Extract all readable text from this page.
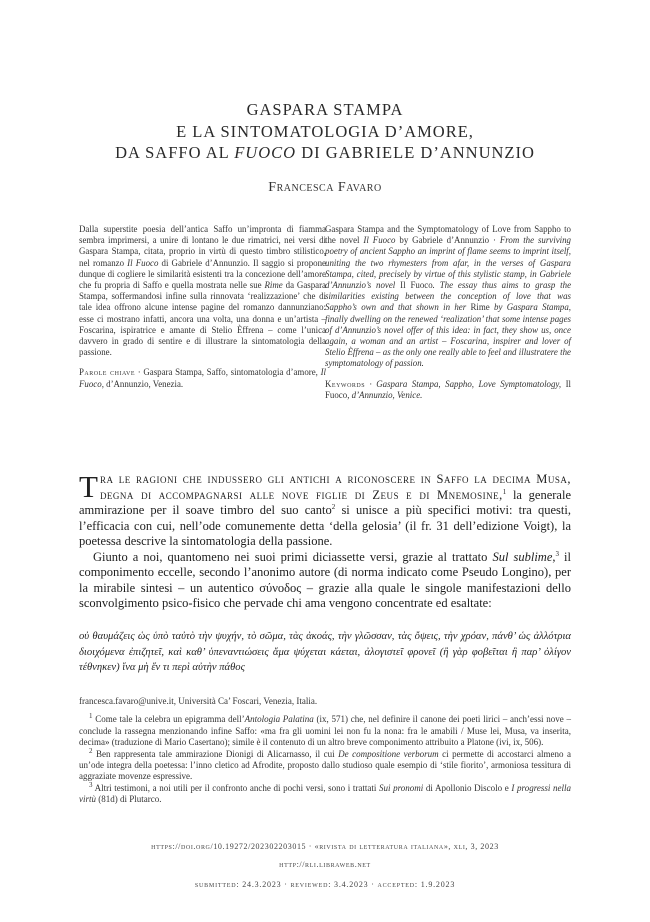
GASPARA STAMPA
E LA SINTOMATOLOGIA D’AMORE,
DA SAFFO AL FUOCO DI GABRIELE D’ANNUNZIO
Francesca Favaro

Dalla superstite poesia dell’antica Saffo un’impronta di fiamma sembra imprimersi, a unire di lontano le due rimatrici, nei versi di Gaspara Stampa, citata, proprio in virtù di questo timbro stilistico, nel romanzo Il Fuoco di Gabriele d’Annunzio. Il saggio si propone dunque di cogliere le similarità esistenti tra la concezione dell’amore che fu propria di Saffo e quella mostrata nelle sue Rime da Gaspara Stampa, soffermandosi infine sulla rinnovata ‘realizzazione’ che di tale idea offrono alcune intense pagine del romanzo dannunziano: esse ci mostrano infatti, ancora una volta, una donna e un’artista – Foscarina, ispiratrice e amante di Stelio Èffrena – come l’unica davvero in grado di sentire e di illustrare la sintomatologia della passione.

Parole chiave · Gaspara Stampa, Saffo, sintomatologia d’amore, Il Fuoco, d’Annunzio, Venezia.

Gaspara Stampa and the Symptomatology of Love from Sappho to the novel Il Fuoco by Gabriele d’Annunzio · From the surviving poetry of ancient Sappho an imprint of flame seems to imprint itself, uniting the two rhymesters from afar, in the verses of Gaspara Stampa, cited, precisely by virtue of this stylistic stamp, in Gabriele d’Annunzio’s novel Il Fuoco. The essay thus aims to grasp the similarities existing between the conception of love that was Sappho’s own and that shown in her Rime by Gaspara Stampa, finally dwelling on the renewed ‘realization’ that some intense pages of d’Annunzio’s novel offer of this idea: in fact, they show us, once again, a woman and an artist – Foscarina, inspirer and lover of Stelio Èffrena – as the only one really able to feel and illustratere the symptomatology of passion.

Keywords · Gaspara Stampa, Sappho, Love Symptomatology, Il Fuoco, d’Annunzio, Venice.

Tra le ragioni che indussero gli antichi a riconoscere in Saffo la decima Musa, degna di accompagnarsi alle nove figlie di Zeus e di Mnemosine,$^1$ la generale ammirazione per il soave timbro del suo canto$^2$ si unisce a più specifici motivi: tra questi, l’efficacia con cui, nell’ode comunemente detta ‘della gelosia’ (il fr. 31 dell’edizione Voigt), la poetessa descrive la sintomatologia della passione.

Giunto a noi, quantomeno nei suoi primi diciassette versi, grazie al trattato Sul sublime,$^3$ il componimento eccelle, secondo l’anonimo autore (di norma indicato come Pseudo Longino), per la mirabile sintesi – un autentico σύνοδος – grazie alla quale le singole manifestazioni dello sconvolgimento psico-fisico che pervade chi ama vengono concentrate ed esaltate:

οὐ θαυμάζεις ὡς ὑπὸ ταὐτὸ τὴν ψυχήν, τὸ σῶμα, τὰς ἀκοάς, τὴν γλῶσσαν, τὰς ὄψεις, τὴν χρόαν, πάνθ’ ὡς ἀλλότρια διοιχόμενα ἐπιζητεῖ, καὶ καθ’ ὑπεναντιώσεις ἅμα ψύχεται κάεται, ἀλογιστεῖ φρονεῖ (ἢ γὰρ φοβεῖται ἢ παρ’ ὀλίγον τέθνηκεν) ἵνα μὴ ἕν τι περὶ αὐτὴν πάθος

francesca.favaro@unive.it, Università Ca’ Foscari, Venezia, Italia.

$^1$ Come tale la celebra un epigramma dell’Antologia Palatina (ix, 571) che, nel definire il canone dei poeti lirici – anch’essi nove – conclude la rassegna menzionando infine Saffo: «ma fra gli uomini lei non fu la nona: fra le amabili / Muse lei, Musa, va inserita, decima» (traduzione di Mario Casertano); simile è il contenuto di un altro breve componimento attribuito a Platone (ivi, ix, 506).

$^2$ Ben rappresenta tale ammirazione Dionigi di Alicarnasso, il cui De compositione verborum ci permette di accostarci almeno a un’ode integra della poetessa: l’inno cletico ad Afrodite, proposto dallo studioso quale esempio di ‘stile fiorito’, armoniosa tessitura di aggraziate movenze espressive.

$^3$ Altri testimoni, a noi utili per il confronto anche di pochi versi, sono i trattati Sui pronomi di Apollonio Discolo e I progressi nella virtù (81d) di Plutarco.

https://doi.org/10.19272/202302203015 · «rivista di letteratura italiana», xli, 3, 2023
http://rli.libraweb.net
submitted: 24.3.2023 · reviewed: 3.4.2023 · accepted: 1.9.2023
